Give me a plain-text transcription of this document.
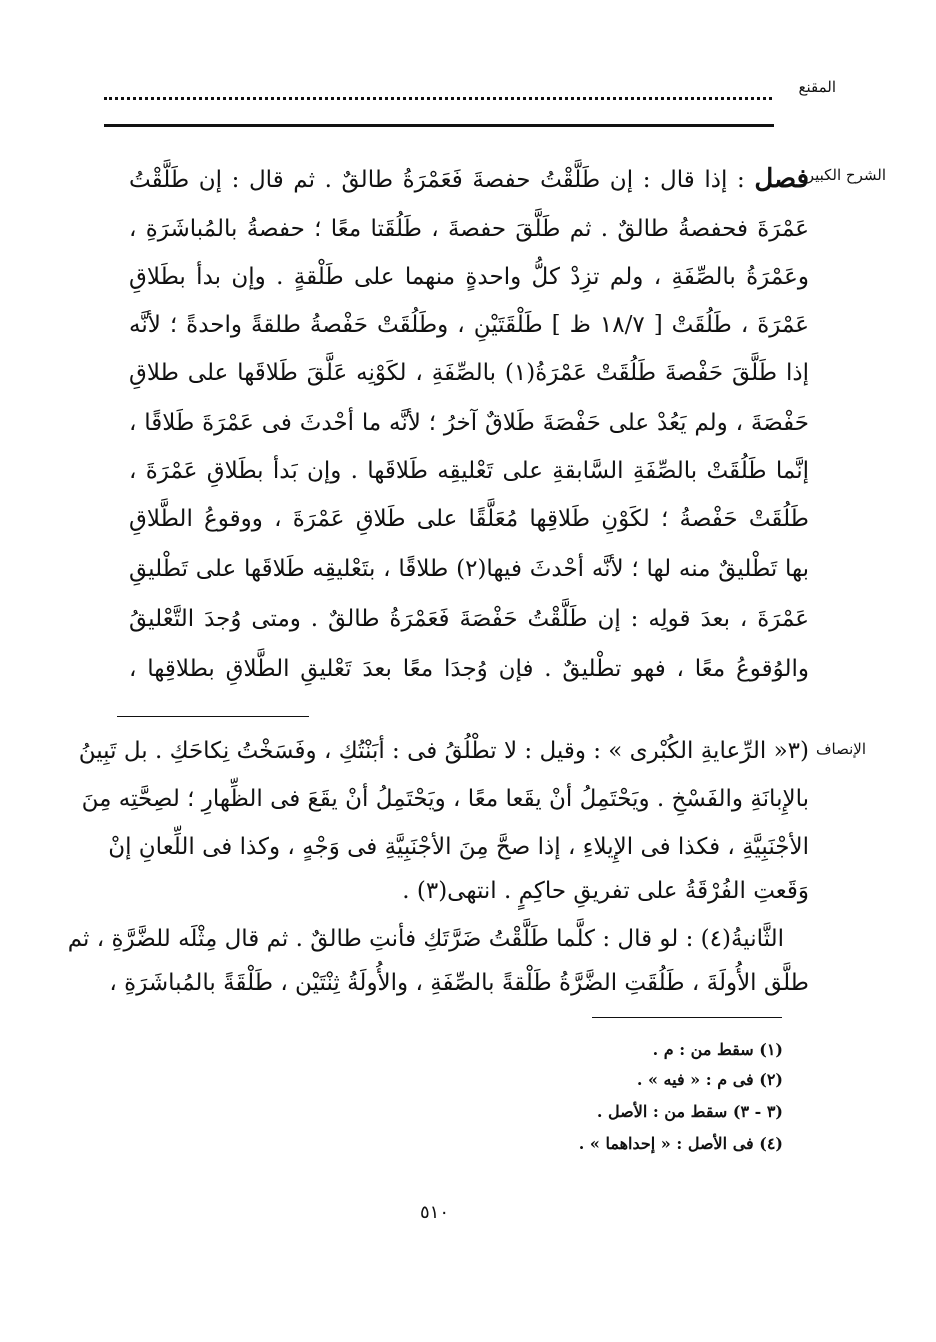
المقنع
الشرح الكبير
الإنصاف
فصل : إذا قال : إن طَلَّقْتُ حفصةَ فَعَمْرَةُ طالقٌ . ثم قال : إن طَلَّقْتُ
عَمْرَةَ فحفصةُ طالقٌ . ثم طَلَّقَ حفصةَ ، طَلُقَتا معًا ؛ حفصةُ بالمُباشَرَةِ ،
وعَمْرَةُ بالصِّفَةِ ، ولم تزِدْ كلُّ واحدةٍ منهما على طَلْقةٍ . وإن بدأ بطَلاقِ
عَمْرَةَ ، طَلُقَتْ [ ١٨/٧ ظ ] طَلْقَتَيْنِ ، وطَلُقَتْ حَفْصةُ طلقةً واحدةً ؛ لأنَّه
إذا طَلَّقَ حَفْصةَ طَلُقَتْ عَمْرَةُ(١) بالصِّفَةِ ، لكَوْنِه عَلَّقَ طَلاقَها على طلاقِ
حَفْصَةَ ، ولم يَعُدْ على حَفْصَةَ طَلاقٌ آخرُ ؛ لأنَّه ما أحْدثَ فى عَمْرَةَ طَلاقًا ،
إنَّما طَلُقَتْ بالصِّفَةِ السَّابقةِ على تَعْليقِه طَلاقَها . وإن بَدأ بطَلاقِ عَمْرَةَ ،
طَلُقَتْ حَفْصةُ ؛ لكَوْنِ طَلاقِها مُعَلَّقًا على طَلاقِ عَمْرَةَ ، ووقوعُ الطَّلاقِ
بها تَطْليقٌ منه لها ؛ لأنَّه أحْدثَ فيها(٢) طلاقًا ، بتَعْليقِه طَلاقَها على تَطْليقِ
عَمْرَةَ ، بعدَ قولِه : إن طَلَّقْتُ حَفْصَةَ فَعَمْرَةُ طالقٌ . ومتى وُجدَ التَّعْليقُ
والوُقوعُ معًا ، فهو تطْليقٌ . فإن وُجدَا معًا بعدَ تَعْليقِ الطَّلاقِ بطلاقِها ،
(٣« الرِّعايةِ الكُبْرى » : وقيل : لا تطْلُقُ فى : أبَنْتُكِ ، وفَسَخْتُ نِكاحَكِ . بل تَبِينُ
بالإِبانَةِ والفَسْخِ . ويَحْتَمِلُ أنْ يقَعا معًا ، ويَحْتَمِلُ أنْ يقَعَ فى الظِّهارِ ؛ لصِحَّتِه مِنَ
الأجْنَبِيَّةِ ، فكذا فى الإِيلاءِ ، إذا صحَّ مِنَ الأجْنَبِيَّةِ فى وَجْهٍ ، وكذا فى اللِّعانِ إنْ
وَقَعتِ الفُرْقَةُ على تفريقِ حاكِمٍ . انتهى(٣) .
الثَّانيةُ(٤) : لو قال : كلَّما طَلَّقْتُ ضَرَّتَكِ فأنتِ طالقٌ . ثم قال مِثْلَه للضَّرَّةِ ، ثم
طلَّق الأُولَةَ ، طَلُقَتِ الضَّرَّةُ طَلْقةً بالصِّفَةِ ، والأُولَةُ ثِنْتَيْن ، طَلْقَةً بالمُباشَرَةِ ،
(١) سقط من : م .
(٢) فى م : « فيه » .
(٣ - ٣) سقط من : الأصل .
(٤) فى الأصل : « إحداهما » .
٥١٠
